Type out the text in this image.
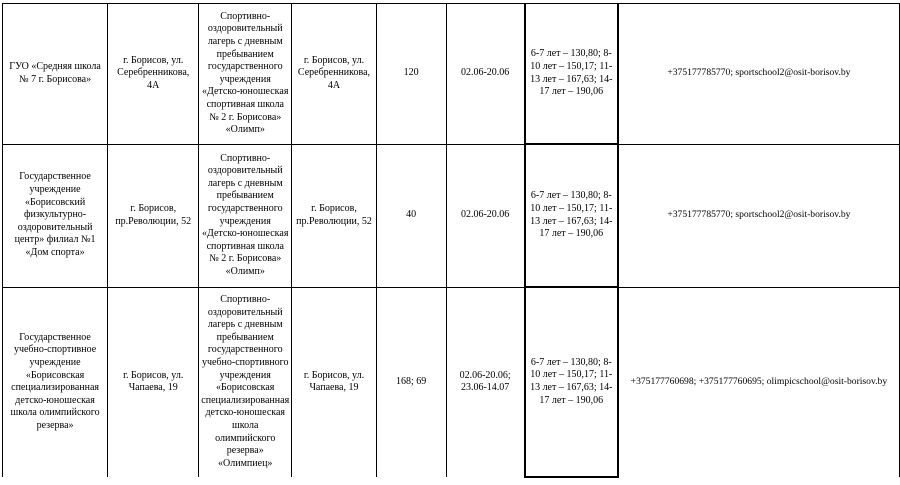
ГУО «Средняя школа № 7 г. Борисова»	г. Борисов, ул. Серебренникова, 4А	Спортивно-оздоровительный лагерь с дневным пребыванием государственного учреждения «Детско-юношеская спортивная школа № 2 г. Борисова» «Олимп»	г. Борисов, ул. Серебренникова, 4А	120	02.06-20.06	6-7 лет – 130,80; 8-10 лет – 150,17; 11-13 лет – 167,63; 14-17 лет – 190,06	+375177785770; sportschool2@osit-borisov.by
Государственное учреждение «Борисовский физкультурно-оздоровительный центр» филиал №1 «Дом спорта»	г. Борисов, пр.Революции, 52	Спортивно-оздоровительный лагерь с дневным пребыванием государственного учреждения «Детско-юношеская спортивная школа № 2 г. Борисова» «Олимп»	г. Борисов, пр.Революции, 52	40	02.06-20.06	6-7 лет – 130,80; 8-10 лет – 150,17; 11-13 лет – 167,63; 14-17 лет – 190,06	+375177785770; sportschool2@osit-borisov.by
Государственное учебно-спортивное учреждение «Борисовская специализированная детско-юношеская школа олимпийского резерва»	г. Борисов, ул. Чапаева, 19	Спортивно-оздоровительный лагерь с дневным пребыванием государственного учебно-спортивного учреждения «Борисовская специализированная детско-юношеская школа олимпийского резерва» «Олимпиец»	г. Борисов, ул. Чапаева, 19	168; 69	02.06-20.06; 23.06-14.07	6-7 лет – 130,80; 8-10 лет – 150,17; 11-13 лет – 167,63; 14-17 лет – 190,06	+375177760698; +375177760695; olimpicschool@osit-borisov.by
